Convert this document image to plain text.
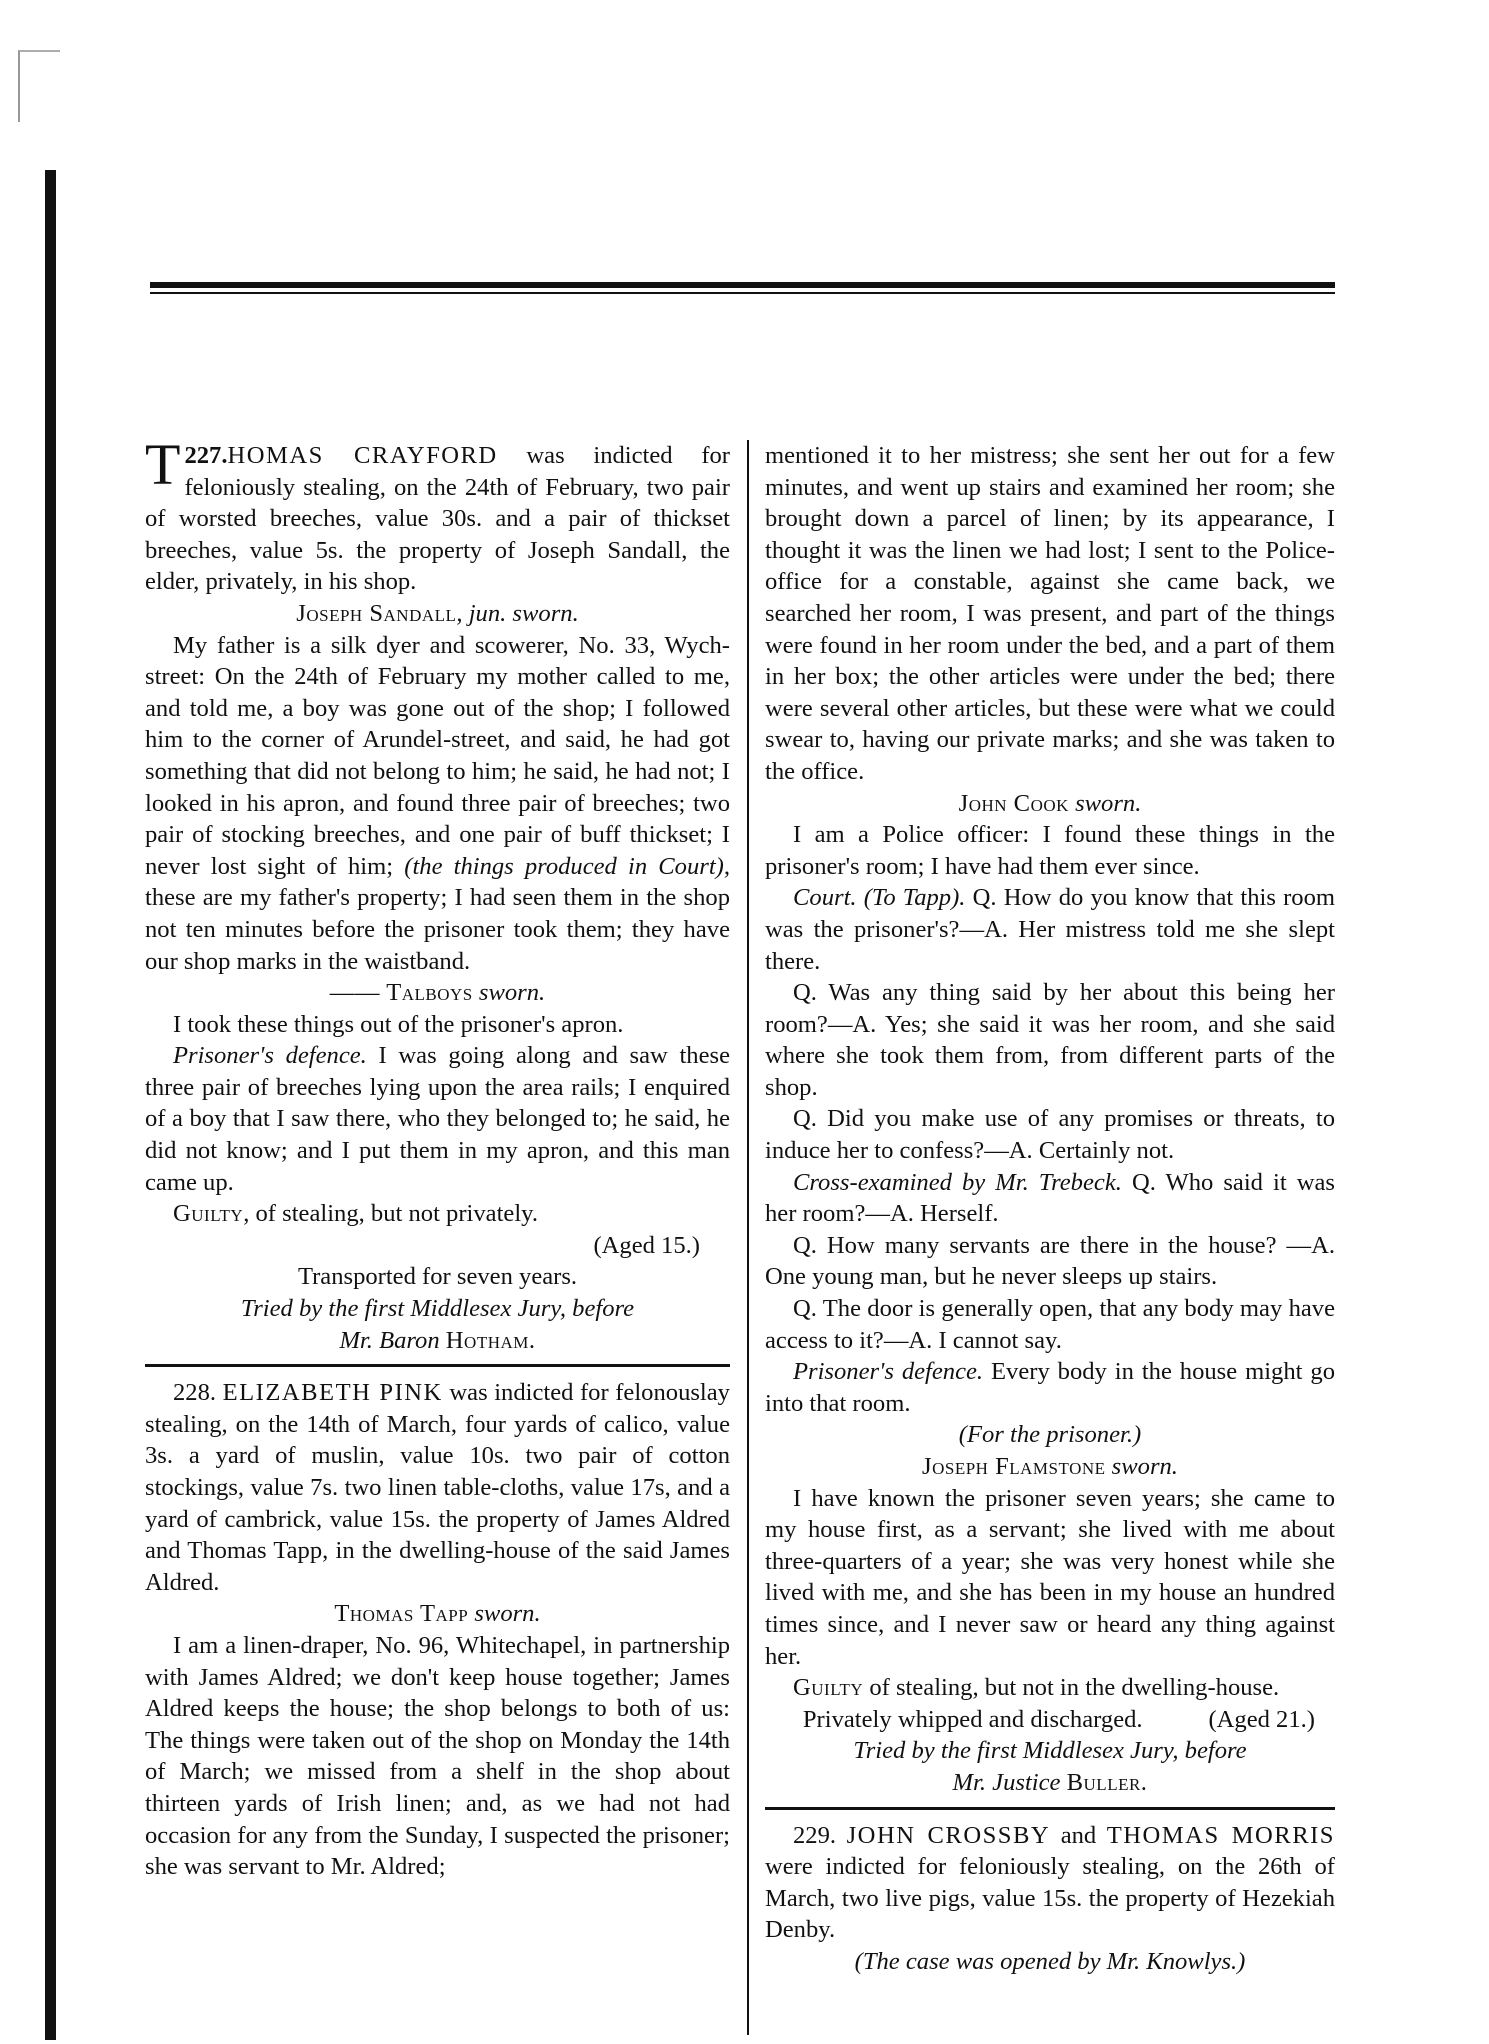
227.
T HOMAS CRAYFORD was indicted for feloniously stealing, on the 24th of February, two pair of worsted breeches, value 30s. and a pair of thickset breeches, value 5s. the property of Joseph Sandall, the elder, privately, in his shop.

Joseph Sandall, jun. sworn.

My father is a silk dyer and scowerer, No. 33, Wych-street: On the 24th of February my mother called to me, and told me, a boy was gone out of the shop; I followed him to the corner of Arundel-street, and said, he had got something that did not belong to him; he said, he had not; I looked in his apron, and found three pair of breeches; two pair of stocking breeches, and one pair of buff thickset; I never lost sight of him; (the things produced in Court), these are my father's property; I had seen them in the shop not ten minutes before the prisoner took them; they have our shop marks in the waistband.

—— Talboys sworn.

I took these things out of the prisoner's apron.

Prisoner's defence. I was going along and saw these three pair of breeches lying upon the area rails; I enquired of a boy that I saw there, who they belonged to; he said, he did not know; and I put them in my apron, and this man came up.

Guilty, of stealing, but not privately.

(Aged 15.)

Transported for seven years.

Tried by the first Middlesex Jury, before

Mr. Baron Hotham.

228. ELIZABETH PINK was indicted for felonouslay stealing, on the 14th of March, four yards of calico, value 3s. a yard of muslin, value 10s. two pair of cotton stockings, value 7s. two linen table-cloths, value 17s, and a yard of cambrick, value 15s. the property of James Aldred and Thomas Tapp, in the dwelling-house of the said James Aldred.

Thomas Tapp sworn.

I am a linen-draper, No. 96, Whitechapel, in partnership with James Aldred; we don't keep house together; James Aldred keeps the house; the shop belongs to both of us: The things were taken out of the shop on Monday the 14th of March; we missed from a shelf in the shop about thirteen yards of Irish linen; and, as we had not had occasion for any from the Sunday, I suspected the prisoner; she was servant to Mr. Aldred;

mentioned it to her mistress; she sent her out for a few minutes, and went up stairs and examined her room; she brought down a parcel of linen; by its appearance, I thought it was the linen we had lost; I sent to the Police-office for a constable, against she came back, we searched her room, I was present, and part of the things were found in her room under the bed, and a part of them in her box; the other articles were under the bed; there were several other articles, but these were what we could swear to, having our private marks; and she was taken to the office.

John Cook sworn.

I am a Police officer: I found these things in the prisoner's room; I have had them ever since.

Court. (To Tapp). Q. How do you know that this room was the prisoner's?—A. Her mistress told me she slept there.

Q. Was any thing said by her about this being her room?—A. Yes; she said it was her room, and she said where she took them from, from different parts of the shop.

Q. Did you make use of any promises or threats, to induce her to confess?—A. Certainly not.

Cross-examined by Mr. Trebeck. Q. Who said it was her room?—A. Herself.

Q. How many servants are there in the house? —A. One young man, but he never sleeps up stairs.

Q. The door is generally open, that any body may have access to it?—A. I cannot say.

Prisoner's defence. Every body in the house might go into that room.

(For the prisoner.)

Joseph Flamstone sworn.

I have known the prisoner seven years; she came to my house first, as a servant; she lived with me about three-quarters of a year; she was very honest while she lived with me, and she has been in my house an hundred times since, and I never saw or heard any thing against her.

Guilty of stealing, but not in the dwelling-house.
(Aged 21.)

Privately whipped and discharged.

Tried by the first Middlesex Jury, before

Mr. Justice Buller.

229. JOHN CROSSBY and THOMAS MORRIS were indicted for feloniously stealing, on the 26th of March, two live pigs, value 15s. the property of Hezekiah Denby.

(The case was opened by Mr. Knowlys.)
